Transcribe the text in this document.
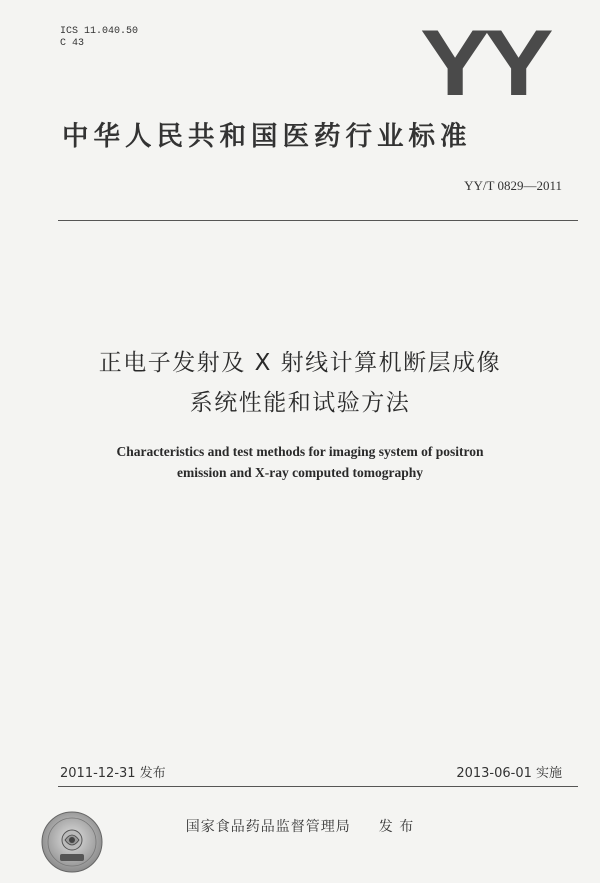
ICS 11.040.50
C 43	YY
中华人民共和国医药行业标准
YY/T 0829—2011
正电子发射及 X 射线计算机断层成像
系统性能和试验方法
Characteristics and test methods for imaging system of positron
emission and X-ray computed tomography
2011-12-31 发布	2013-06-01 实施
国家食品药品监督管理局 发 布
